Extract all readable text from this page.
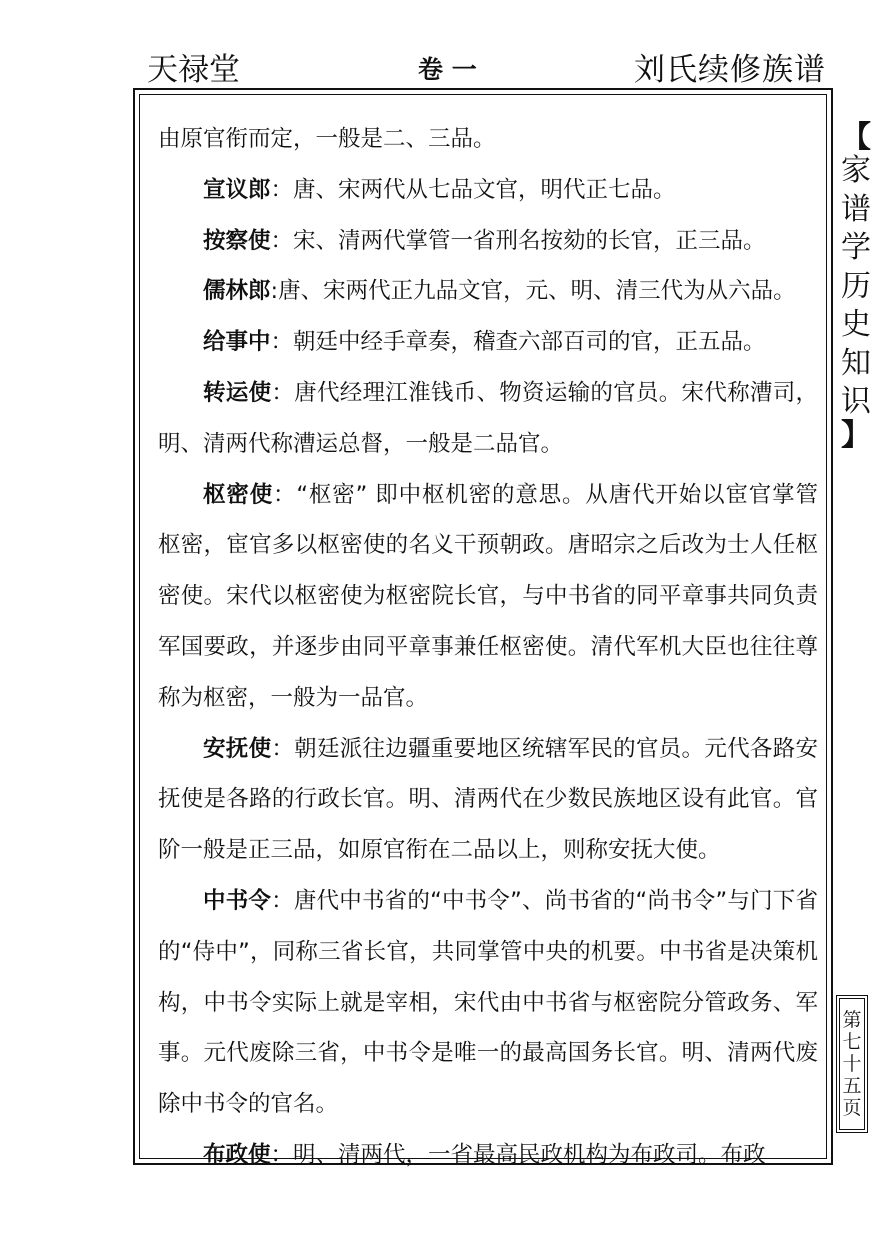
天禄堂	卷 一	刘氏续修族谱

由原官衔而定，一般是二、三品。

宣议郎：唐、宋两代从七品文官，明代正七品。

按察使：宋、清两代掌管一省刑名按劾的长官，正三品。

儒林郎:唐、宋两代正九品文官，元、明、清三代为从六品。

给事中：朝廷中经手章奏，稽查六部百司的官，正五品。

转运使：唐代经理江淮钱币、物资运输的官员。宋代称漕司，明、清两代称漕运总督，一般是二品官。

枢密使：“枢密” 即中枢机密的意思。从唐代开始以宦官掌管枢密，宦官多以枢密使的名义干预朝政。唐昭宗之后改为士人任枢密使。宋代以枢密使为枢密院长官，与中书省的同平章事共同负责军国要政，并逐步由同平章事兼任枢密使。清代军机大臣也往往尊称为枢密，一般为一品官。

安抚使：朝廷派往边疆重要地区统辖军民的官员。元代各路安抚使是各路的行政长官。明、清两代在少数民族地区设有此官。官阶一般是正三品，如原官衔在二品以上，则称安抚大使。

中书令：唐代中书省的“中书令”、尚书省的“尚书令”与门下省的“侍中”，同称三省长官，共同掌管中央的机要。中书省是决策机构，中书令实际上就是宰相，宋代由中书省与枢密院分管政务、军事。元代废除三省，中书令是唯一的最高国务长官。明、清两代废除中书令的官名。

布政使：明、清两代，一省最高民政机构为布政司。布政

【
家
谱
学
历
史
知
识
】
第
七
十
五
页
